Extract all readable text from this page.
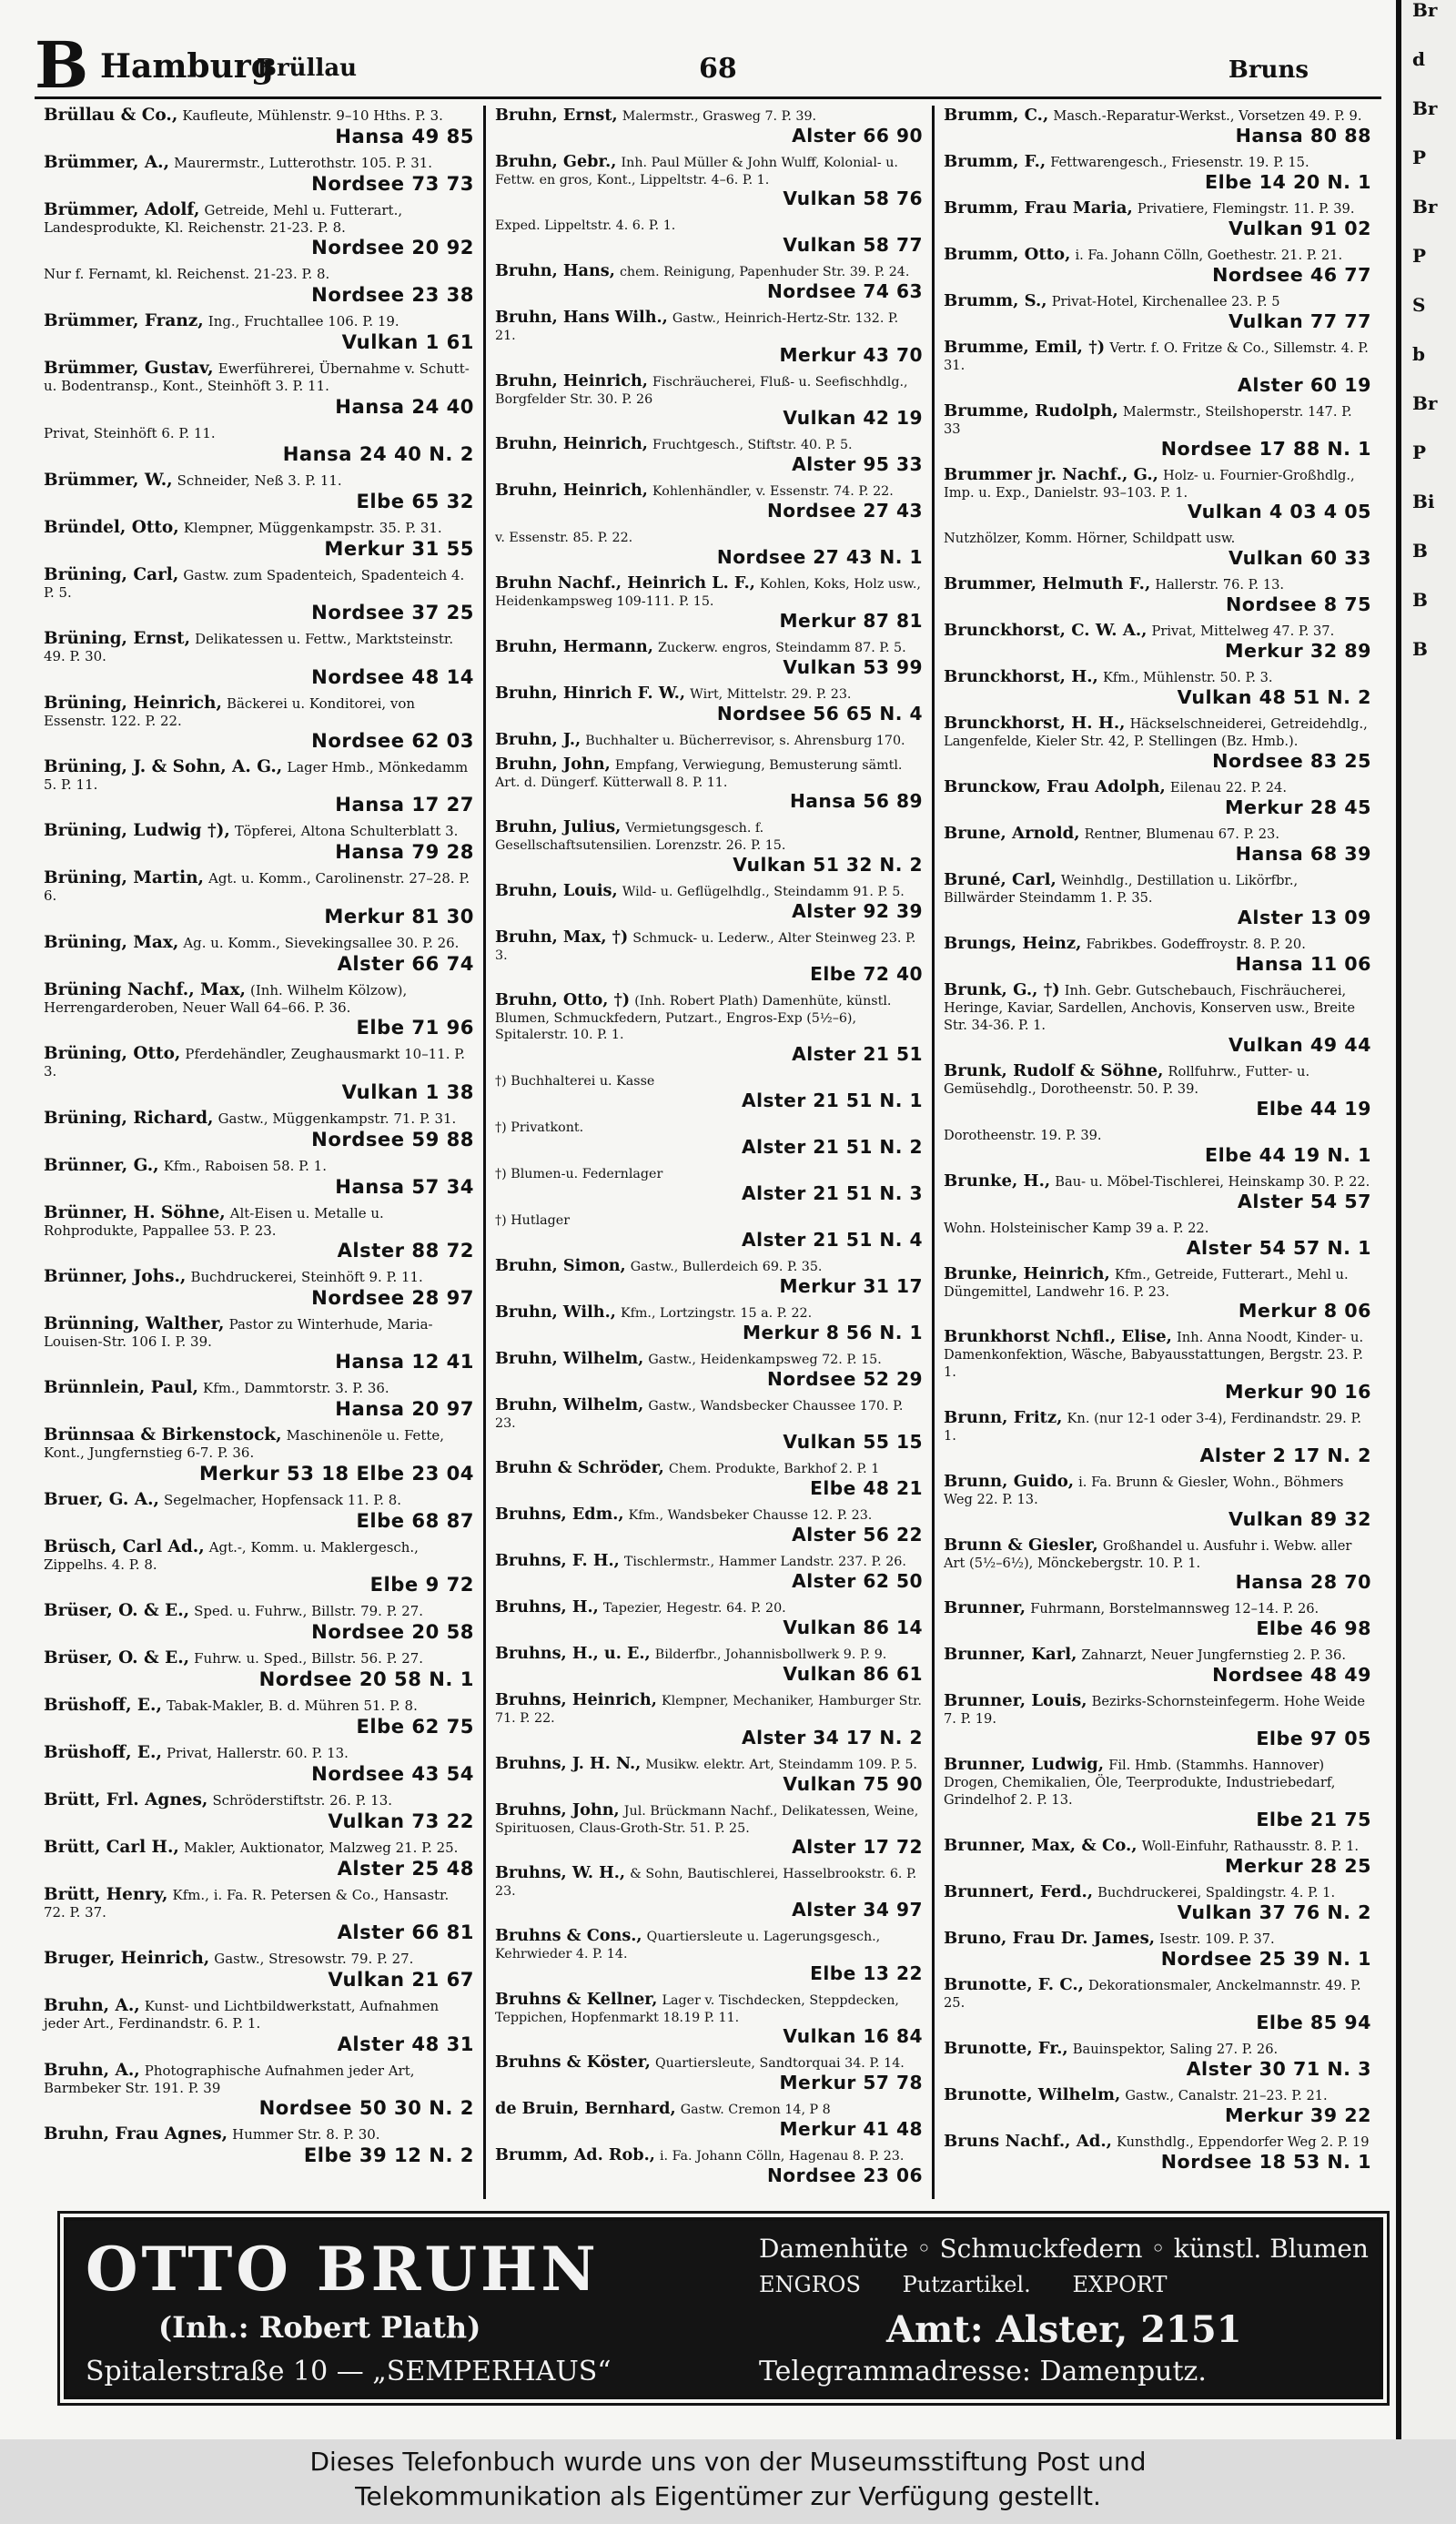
Br
d
Br
P
Br
P
S
b
Br
P
Bi
B
B
B
B Hamburg
Brüllau	68	Bruns
Brüllau & Co., Kaufleute, Mühlenstr. 9–10 Hths. P. 3.
Hansa 49 85
Brümmer, A., Maurermstr., Lutterothstr. 105. P. 31.
Nordsee 73 73
Brümmer, Adolf, Getreide, Mehl u. Futterart., Landesprodukte, Kl. Reichenstr. 21-23. P. 8.
Nordsee 20 92
Nur f. Fernamt, kl. Reichenst. 21-23. P. 8.
Nordsee 23 38
Brümmer, Franz, Ing., Fruchtallee 106. P. 19.
Vulkan 1 61
Brümmer, Gustav, Ewerführerei, Übernahme v. Schutt- u. Bodentransp., Kont., Steinhöft 3. P. 11.
Hansa 24 40
Privat, Steinhöft 6. P. 11.
Hansa 24 40 N. 2
Brümmer, W., Schneider, Neß 3. P. 11.
Elbe 65 32
Bründel, Otto, Klempner, Müggenkampstr. 35. P. 31.
Merkur 31 55
Brüning, Carl, Gastw. zum Spadenteich, Spadenteich 4. P. 5.
Nordsee 37 25
Brüning, Ernst, Delikatessen u. Fettw., Marktsteinstr. 49. P. 30.
Nordsee 48 14
Brüning, Heinrich, Bäckerei u. Konditorei, von Essenstr. 122. P. 22.
Nordsee 62 03
Brüning, J. & Sohn, A. G., Lager Hmb., Mönkedamm 5. P. 11.
Hansa 17 27
Brüning, Ludwig †), Töpferei, Altona Schulterblatt 3.
Hansa 79 28
Brüning, Martin, Agt. u. Komm., Carolinenstr. 27–28. P. 6.
Merkur 81 30
Brüning, Max, Ag. u. Komm., Sievekingsallee 30. P. 26.
Alster 66 74
Brüning Nachf., Max, (Inh. Wilhelm Kölzow), Herrengarderoben, Neuer Wall 64–66. P. 36.
Elbe 71 96
Brüning, Otto, Pferdehändler, Zeughausmarkt 10–11. P. 3.
Vulkan 1 38
Brüning, Richard, Gastw., Müggenkampstr. 71. P. 31.
Nordsee 59 88
Brünner, G., Kfm., Raboisen 58. P. 1.
Hansa 57 34
Brünner, H. Söhne, Alt-Eisen u. Metalle u. Rohprodukte, Pappallee 53. P. 23.
Alster 88 72
Brünner, Johs., Buchdruckerei, Steinhöft 9. P. 11.
Nordsee 28 97
Brünning, Walther, Pastor zu Winterhude, Maria-Louisen-Str. 106 I. P. 39.
Hansa 12 41
Brünnlein, Paul, Kfm., Dammtorstr. 3. P. 36.
Hansa 20 97
Brünnsaa & Birkenstock, Maschinenöle u. Fette, Kont., Jungfernstieg 6-7. P. 36.
Merkur 53 18 Elbe 23 04
Bruer, G. A., Segelmacher, Hopfensack 11. P. 8.
Elbe 68 87
Brüsch, Carl Ad., Agt.-, Komm. u. Maklergesch., Zippelhs. 4. P. 8.
Elbe 9 72
Brüser, O. & E., Sped. u. Fuhrw., Billstr. 79. P. 27.
Nordsee 20 58
Brüser, O. & E., Fuhrw. u. Sped., Billstr. 56. P. 27.
Nordsee 20 58 N. 1
Brüshoff, E., Tabak-Makler, B. d. Mühren 51. P. 8.
Elbe 62 75
Brüshoff, E., Privat, Hallerstr. 60. P. 13.
Nordsee 43 54
Brütt, Frl. Agnes, Schröderstiftstr. 26. P. 13.
Vulkan 73 22
Brütt, Carl H., Makler, Auktionator, Malzweg 21. P. 25.
Alster 25 48
Brütt, Henry, Kfm., i. Fa. R. Petersen & Co., Hansastr. 72. P. 37.
Alster 66 81
Bruger, Heinrich, Gastw., Stresowstr. 79. P. 27.
Vulkan 21 67
Bruhn, A., Kunst- und Lichtbildwerkstatt, Aufnahmen jeder Art., Ferdinandstr. 6. P. 1.
Alster 48 31
Bruhn, A., Photographische Aufnahmen jeder Art, Barmbeker Str. 191. P. 39
Nordsee 50 30 N. 2
Bruhn, Frau Agnes, Hummer Str. 8. P. 30.
Elbe 39 12 N. 2
Bruhn, Ernst, Malermstr., Grasweg 7. P. 39.
Alster 66 90
Bruhn, Gebr., Inh. Paul Müller & John Wulff, Kolonial- u. Fettw. en gros, Kont., Lippeltstr. 4–6. P. 1.
Vulkan 58 76
Exped. Lippeltstr. 4. 6. P. 1.
Vulkan 58 77
Bruhn, Hans, chem. Reinigung, Papenhuder Str. 39. P. 24.
Nordsee 74 63
Bruhn, Hans Wilh., Gastw., Heinrich-Hertz-Str. 132. P. 21.
Merkur 43 70
Bruhn, Heinrich, Fischräucherei, Fluß- u. Seefischhdlg., Borgfelder Str. 30. P. 26
Vulkan 42 19
Bruhn, Heinrich, Fruchtgesch., Stiftstr. 40. P. 5.
Alster 95 33
Bruhn, Heinrich, Kohlenhändler, v. Essenstr. 74. P. 22.
Nordsee 27 43
v. Essenstr. 85. P. 22.
Nordsee 27 43 N. 1
Bruhn Nachf., Heinrich L. F., Kohlen, Koks, Holz usw., Heidenkampsweg 109-111. P. 15.
Merkur 87 81
Bruhn, Hermann, Zuckerw. engros, Steindamm 87. P. 5.
Vulkan 53 99
Bruhn, Hinrich F. W., Wirt, Mittelstr. 29. P. 23.
Nordsee 56 65 N. 4
Bruhn, J., Buchhalter u. Bücherrevisor, s. Ahrensburg 170.
Bruhn, John, Empfang, Verwiegung, Bemusterung sämtl. Art. d. Düngerf. Kütterwall 8. P. 11.
Hansa 56 89
Bruhn, Julius, Vermietungsgesch. f. Gesellschaftsutensilien. Lorenzstr. 26. P. 15.
Vulkan 51 32 N. 2
Bruhn, Louis, Wild- u. Geflügelhdlg., Steindamm 91. P. 5.
Alster 92 39
Bruhn, Max, †) Schmuck- u. Lederw., Alter Steinweg 23. P. 3.
Elbe 72 40
Bruhn, Otto, †) (Inh. Robert Plath) Damenhüte, künstl. Blumen, Schmuckfedern, Putzart., Engros-Exp (5½–6), Spitalerstr. 10. P. 1.
Alster 21 51
†) Buchhalterei u. Kasse
Alster 21 51 N. 1
†) Privatkont.
Alster 21 51 N. 2
†) Blumen-u. Federnlager
Alster 21 51 N. 3
†) Hutlager
Alster 21 51 N. 4
Bruhn, Simon, Gastw., Bullerdeich 69. P. 35.
Merkur 31 17
Bruhn, Wilh., Kfm., Lortzingstr. 15 a. P. 22.
Merkur 8 56 N. 1
Bruhn, Wilhelm, Gastw., Heidenkampsweg 72. P. 15.
Nordsee 52 29
Bruhn, Wilhelm, Gastw., Wandsbecker Chaussee 170. P. 23.
Vulkan 55 15
Bruhn & Schröder, Chem. Produkte, Barkhof 2. P. 1
Elbe 48 21
Bruhns, Edm., Kfm., Wandsbeker Chausse 12. P. 23.
Alster 56 22
Bruhns, F. H., Tischlermstr., Hammer Landstr. 237. P. 26.
Alster 62 50
Bruhns, H., Tapezier, Hegestr. 64. P. 20.
Vulkan 86 14
Bruhns, H., u. E., Bilderfbr., Johannisbollwerk 9. P. 9.
Vulkan 86 61
Bruhns, Heinrich, Klempner, Mechaniker, Hamburger Str. 71. P. 22.
Alster 34 17 N. 2
Bruhns, J. H. N., Musikw. elektr. Art, Steindamm 109. P. 5.
Vulkan 75 90
Bruhns, John, Jul. Brückmann Nachf., Delikatessen, Weine, Spirituosen, Claus-Groth-Str. 51. P. 25.
Alster 17 72
Bruhns, W. H., & Sohn, Bautischlerei, Hasselbrookstr. 6. P. 23.
Alster 34 97
Bruhns & Cons., Quartiersleute u. Lagerungsgesch., Kehrwieder 4. P. 14.
Elbe 13 22
Bruhns & Kellner, Lager v. Tischdecken, Steppdecken, Teppichen, Hopfenmarkt 18.19 P. 11.
Vulkan 16 84
Bruhns & Köster, Quartiersleute, Sandtorquai 34. P. 14.
Merkur 57 78
de Bruin, Bernhard, Gastw. Cremon 14, P 8
Merkur 41 48
Brumm, Ad. Rob., i. Fa. Johann Cölln, Hagenau 8. P. 23.
Nordsee 23 06
Brumm, C., Masch.-Reparatur-Werkst., Vorsetzen 49. P. 9.
Hansa 80 88
Brumm, F., Fettwarengesch., Friesenstr. 19. P. 15.
Elbe 14 20 N. 1
Brumm, Frau Maria, Privatiere, Flemingstr. 11. P. 39.
Vulkan 91 02
Brumm, Otto, i. Fa. Johann Cölln, Goethestr. 21. P. 21.
Nordsee 46 77
Brumm, S., Privat-Hotel, Kirchenallee 23. P. 5
Vulkan 77 77
Brumme, Emil, †) Vertr. f. O. Fritze & Co., Sillemstr. 4. P. 31.
Alster 60 19
Brumme, Rudolph, Malermstr., Steilshoperstr. 147. P. 33
Nordsee 17 88 N. 1
Brummer jr. Nachf., G., Holz- u. Fournier-Großhdlg., Imp. u. Exp., Danielstr. 93–103. P. 1.
Vulkan 4 03 4 05
Nutzhölzer, Komm. Hörner, Schildpatt usw.
Vulkan 60 33
Brummer, Helmuth F., Hallerstr. 76. P. 13.
Nordsee 8 75
Brunckhorst, C. W. A., Privat, Mittelweg 47. P. 37.
Merkur 32 89
Brunckhorst, H., Kfm., Mühlenstr. 50. P. 3.
Vulkan 48 51 N. 2
Brunckhorst, H. H., Häckselschneiderei, Getreidehdlg., Langenfelde, Kieler Str. 42, P. Stellingen (Bz. Hmb.).
Nordsee 83 25
Brunckow, Frau Adolph, Eilenau 22. P. 24.
Merkur 28 45
Brune, Arnold, Rentner, Blumenau 67. P. 23.
Hansa 68 39
Bruné, Carl, Weinhdlg., Destillation u. Likörfbr., Billwärder Steindamm 1. P. 35.
Alster 13 09
Brungs, Heinz, Fabrikbes. Godeffroystr. 8. P. 20.
Hansa 11 06
Brunk, G., †) Inh. Gebr. Gutschebauch, Fischräucherei, Heringe, Kaviar, Sardellen, Anchovis, Konserven usw., Breite Str. 34-36. P. 1.
Vulkan 49 44
Brunk, Rudolf & Söhne, Rollfuhrw., Futter- u. Gemüsehdlg., Dorotheenstr. 50. P. 39.
Elbe 44 19
Dorotheenstr. 19. P. 39.
Elbe 44 19 N. 1
Brunke, H., Bau- u. Möbel-Tischlerei, Heinskamp 30. P. 22.
Alster 54 57
Wohn. Holsteinischer Kamp 39 a. P. 22.
Alster 54 57 N. 1
Brunke, Heinrich, Kfm., Getreide, Futterart., Mehl u. Düngemittel, Landwehr 16. P. 23.
Merkur 8 06
Brunkhorst Nchfl., Elise, Inh. Anna Noodt, Kinder- u. Damenkonfektion, Wäsche, Babyausstattungen, Bergstr. 23. P. 1.
Merkur 90 16
Brunn, Fritz, Kn. (nur 12-1 oder 3-4), Ferdinandstr. 29. P. 1.
Alster 2 17 N. 2
Brunn, Guido, i. Fa. Brunn & Giesler, Wohn., Böhmers Weg 22. P. 13.
Vulkan 89 32
Brunn & Giesler, Großhandel u. Ausfuhr i. Webw. aller Art (5½–6½), Mönckebergstr. 10. P. 1.
Hansa 28 70
Brunner, Fuhrmann, Borstelmannsweg 12–14. P. 26.
Elbe 46 98
Brunner, Karl, Zahnarzt, Neuer Jungfernstieg 2. P. 36.
Nordsee 48 49
Brunner, Louis, Bezirks-Schornsteinfegerm. Hohe Weide 7. P. 19.
Elbe 97 05
Brunner, Ludwig, Fil. Hmb. (Stammhs. Hannover) Drogen, Chemikalien, Öle, Teerprodukte, Industriebedarf, Grindelhof 2. P. 13.
Elbe 21 75
Brunner, Max, & Co., Woll-Einfuhr, Rathausstr. 8. P. 1.
Merkur 28 25
Brunnert, Ferd., Buchdruckerei, Spaldingstr. 4. P. 1.
Vulkan 37 76 N. 2
Bruno, Frau Dr. James, Isestr. 109. P. 37.
Nordsee 25 39 N. 1
Brunotte, F. C., Dekorationsmaler, Anckelmannstr. 49. P. 25.
Elbe 85 94
Brunotte, Fr., Bauinspektor, Saling 27. P. 26.
Alster 30 71 N. 3
Brunotte, Wilhelm, Gastw., Canalstr. 21–23. P. 21.
Merkur 39 22
Bruns Nachf., Ad., Kunsthdlg., Eppendorfer Weg 2. P. 19
Nordsee 18 53 N. 1
OTTO BRUHN
(Inh.: Robert Plath)
Spitalerstraße 10 — „SEMPERHAUS“
Damenhüte ◦ Schmuckfedern ◦ künstl. Blumen
ENGROS      Putzartikel.      EXPORT
Amt: Alster, 2151
Telegrammadresse: Damenputz.
Dieses Telefonbuch wurde uns von der Museumsstiftung Post und
Telekommunikation als Eigentümer zur Verfügung gestellt.
